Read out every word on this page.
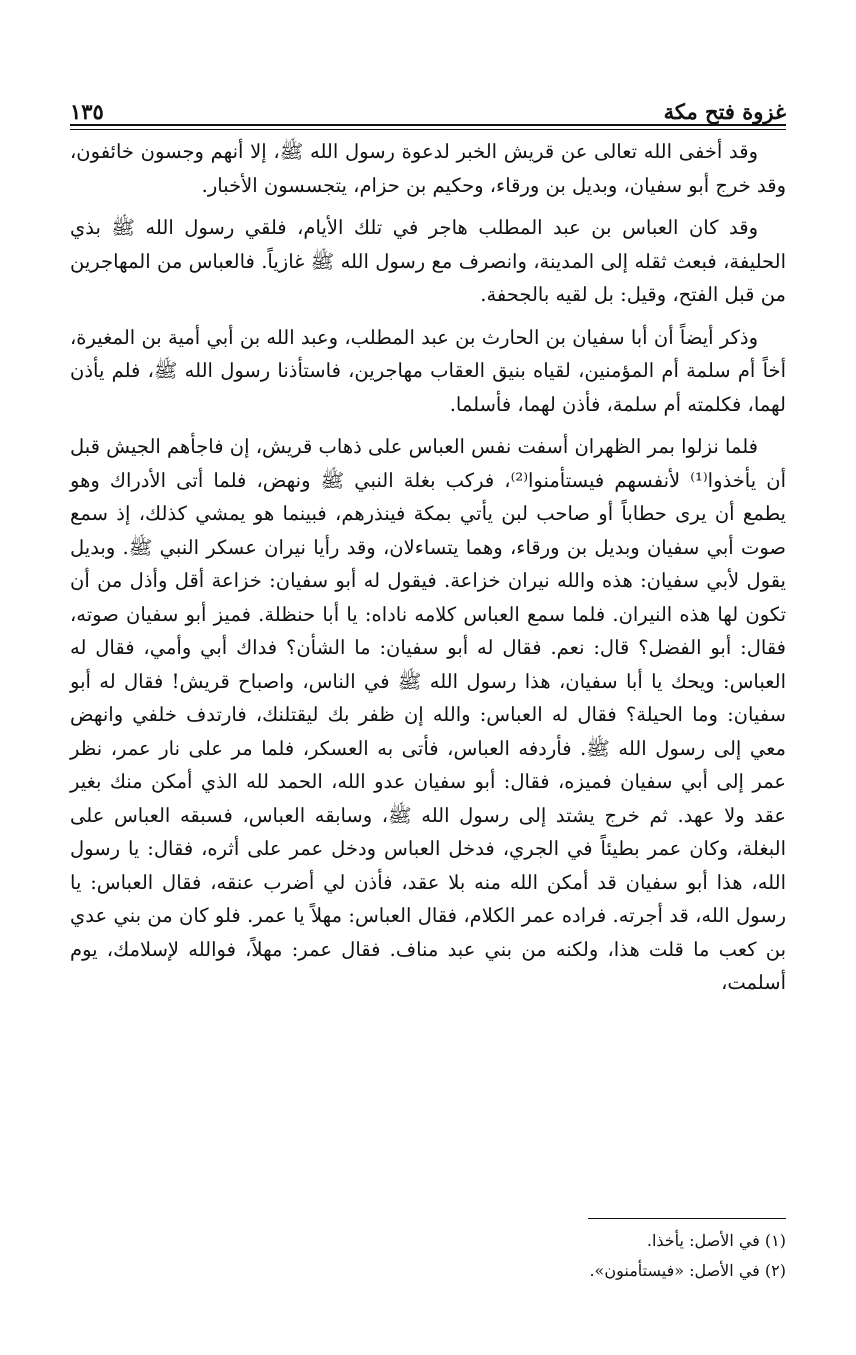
غزوة فتح مكة
١٣٥

وقد أخفى الله تعالى عن قريش الخبر لدعوة رسول الله ﷺ، إلا أنهم وجسون خائفون، وقد خرج أبو سفيان، وبديل بن ورقاء، وحكيم بن حزام، يتجسسون الأخبار.

وقد كان العباس بن عبد المطلب هاجر في تلك الأيام، فلقي رسول الله ﷺ بذي الحليفة، فبعث ثقله إلى المدينة، وانصرف مع رسول الله ﷺ غازياً. فالعباس من المهاجرين من قبل الفتح، وقيل: بل لقيه بالجحفة.

وذكر أيضاً أن أبا سفيان بن الحارث بن عبد المطلب، وعبد الله بن أبي أمية بن المغيرة، أخاً أم سلمة أم المؤمنين، لقياه بنيق العقاب مهاجرين، فاستأذنا رسول الله ﷺ، فلم يأذن لهما، فكلمته أم سلمة، فأذن لهما، فأسلما.

فلما نزلوا بمر الظهران أسفت نفس العباس على ذهاب قريش، إن فاجأهم الجيش قبل أن يأخذوا⁽¹⁾ لأنفسهم فيستأمنوا⁽²⁾، فركب بغلة النبي ﷺ ونهض، فلما أتى الأدراك وهو يطمع أن يرى حطاباً أو صاحب لبن يأتي بمكة فينذرهم، فبينما هو يمشي كذلك، إذ سمع صوت أبي سفيان وبديل بن ورقاء، وهما يتساءلان، وقد رأيا نيران عسكر النبي ﷺ. وبديل يقول لأبي سفيان: هذه والله نيران خزاعة. فيقول له أبو سفيان: خزاعة أقل وأذل من أن تكون لها هذه النيران. فلما سمع العباس كلامه ناداه: يا أبا حنظلة. فميز أبو سفيان صوته، فقال: أبو الفضل؟ قال: نعم. فقال له أبو سفيان: ما الشأن؟ فداك أبي وأمي، فقال له العباس: ويحك يا أبا سفيان، هذا رسول الله ﷺ في الناس، واصباح قريش! فقال له أبو سفيان: وما الحيلة؟ فقال له العباس: والله إن ظفر بك ليقتلنك، فارتدف خلفي وانهض معي إلى رسول الله ﷺ. فأردفه العباس، فأتى به العسكر، فلما مر على نار عمر، نظر عمر إلى أبي سفيان فميزه، فقال: أبو سفيان عدو الله، الحمد لله الذي أمكن منك بغير عقد ولا عهد. ثم خرج يشتد إلى رسول الله ﷺ، وسابقه العباس، فسبقه العباس على البغلة، وكان عمر بطيئاً في الجري، فدخل العباس ودخل عمر على أثره، فقال: يا رسول الله، هذا أبو سفيان قد أمكن الله منه بلا عقد، فأذن لي أضرب عنقه، فقال العباس: يا رسول الله، قد أجرته. فراده عمر الكلام، فقال العباس: مهلاً يا عمر. فلو كان من بني عدي بن كعب ما قلت هذا، ولكنه من بني عبد مناف. فقال عمر: مهلاً، فوالله لإسلامك، يوم أسلمت،

(١) في الأصل: يأخذا.
(٢) في الأصل: «فيستأمنون».
